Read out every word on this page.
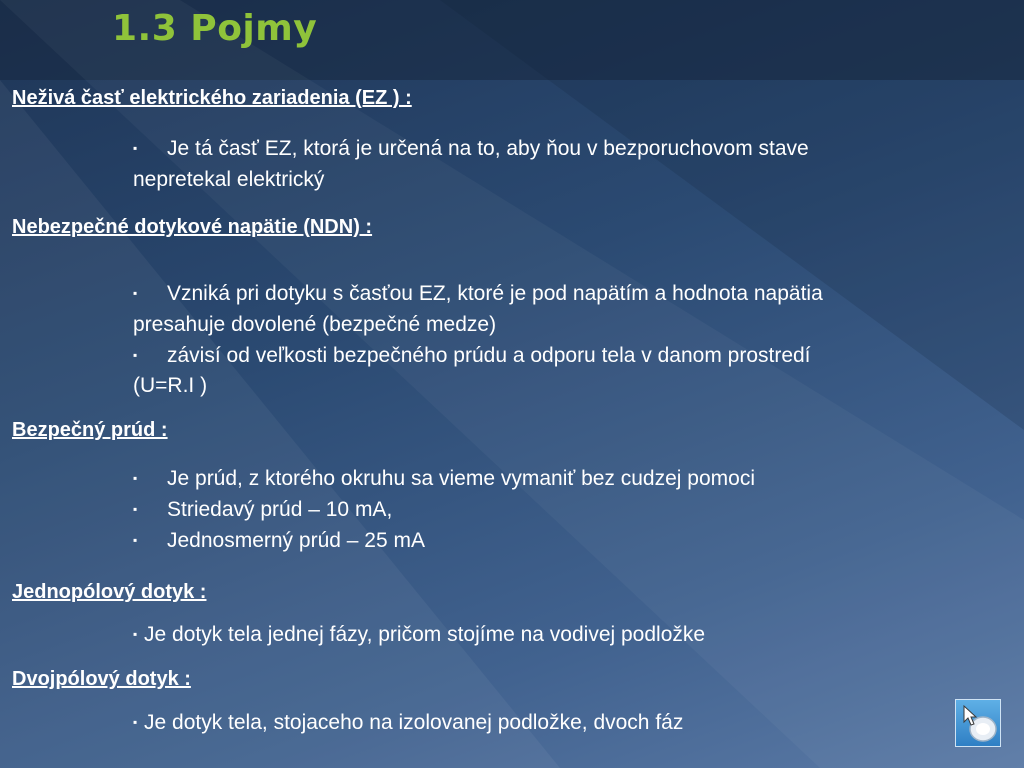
1.3 Pojmy
Neživá časť elektrického zariadenia (EZ ) :
▪ Je tá časť EZ, ktorá je určená na to, aby ňou v bezporuchovom stave
nepretekal elektrický
Nebezpečné dotykové napätie (NDN) :
▪ Vzniká pri dotyku s časťou EZ, ktoré je pod napätím a hodnota napätia
presahuje dovolené (bezpečné medze)
▪ závisí od veľkosti bezpečného prúdu a odporu tela v danom prostredí
(U=R.I )
Bezpečný prúd :
▪ Je prúd, z ktorého okruhu sa vieme vymaniť bez cudzej pomoci
▪ Striedavý prúd – 10 mA,
▪ Jednosmerný prúd – 25 mA
Jednopólový dotyk :
▪ Je dotyk tela jednej fázy, pričom stojíme na vodivej podložke
Dvojpólový dotyk :
▪ Je dotyk tela, stojaceho na izolovanej podložke, dvoch fáz
